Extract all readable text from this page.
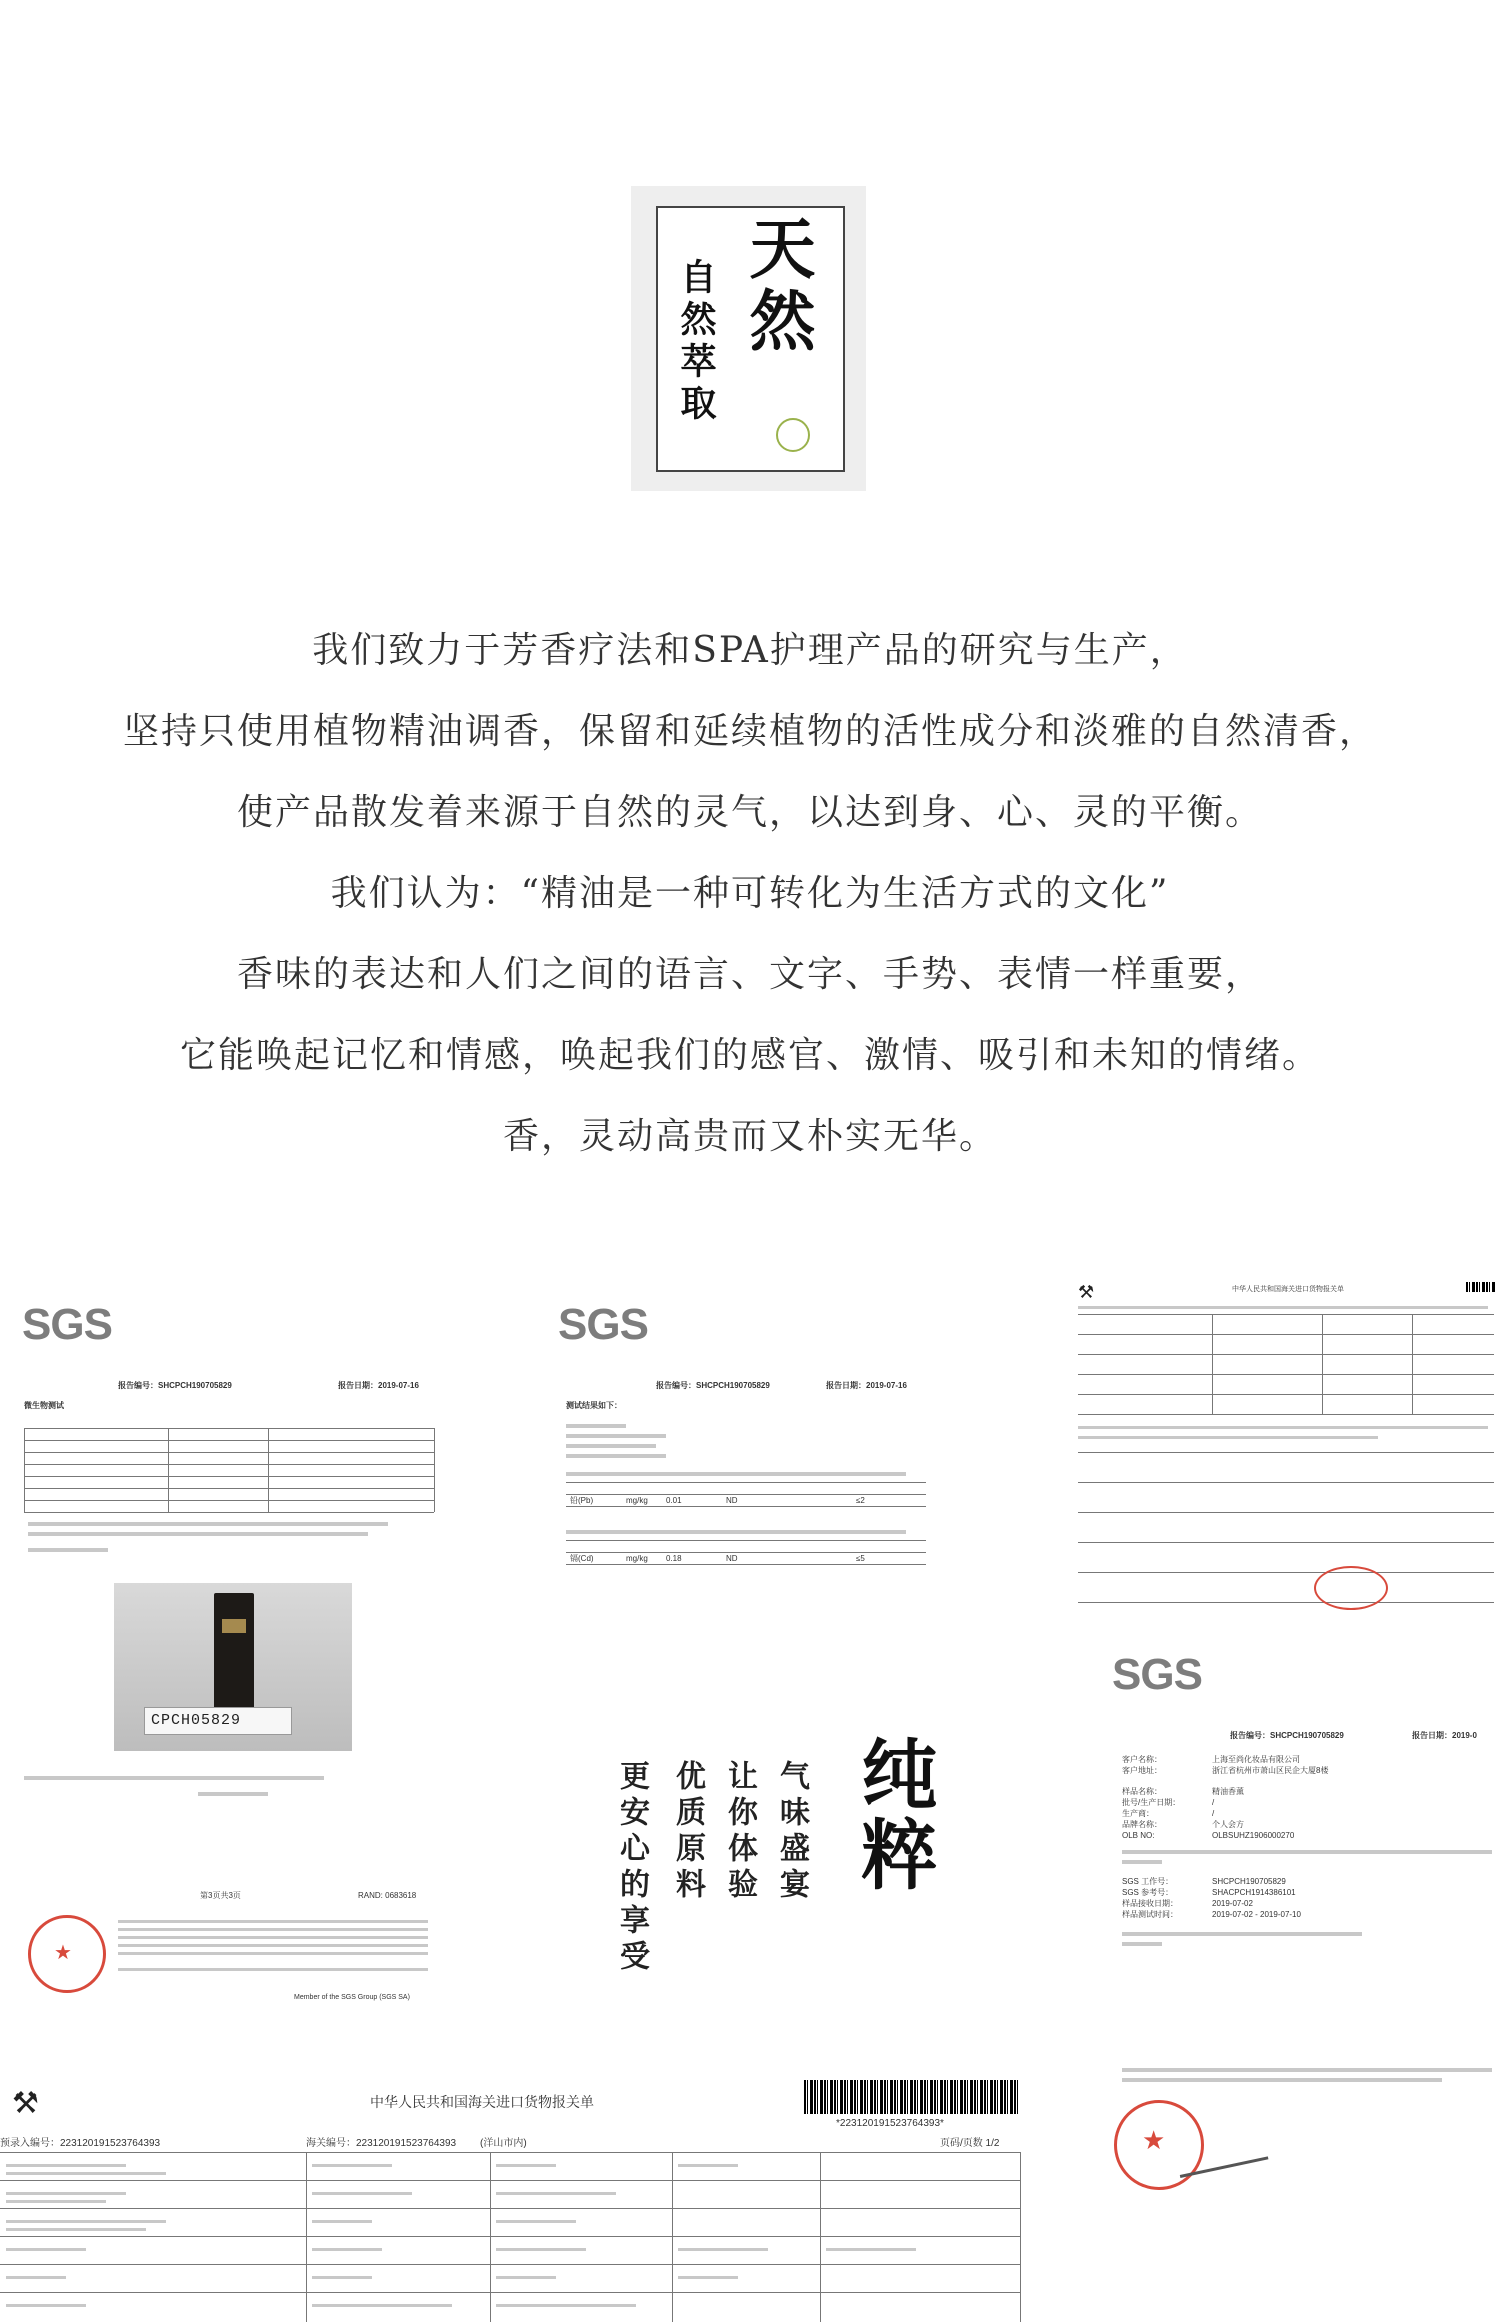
天然
自然萃取
我们致力于芳香疗法和SPA护理产品的研究与生产，
坚持只使用植物精油调香，保留和延续植物的活性成分和淡雅的自然清香，
使产品散发着来源于自然的灵气，以达到身、心、灵的平衡。
我们认为：“精油是一种可转化为生活方式的文化”
香味的表达和人们之间的语言、文字、手势、表情一样重要，
它能唤起记忆和情感，唤起我们的感官、激情、吸引和未知的情绪。
香，灵动高贵而又朴实无华。
SGS
报告编号：SHCPCH190705829	报告日期：2019-07-16
微生物测试
CPCH05829
第3页共3页	RAND: 0683618
★
Member of the SGS Group (SGS SA)
SGS
报告编号：SHCPCH190705829	报告日期：2019-07-16
测试结果如下：
铅(Pb)	mg/kg 0.01	ND	≤2
镉(Cd)	mg/kg 0.18	ND	≤5
⚒	中华人民共和国海关进口货物报关单
纯粹
气味盛宴
让你体验
优质原料
更安心的享受
SGS
报告编号：SHCPCH190705829	报告日期：2019-0
客户名称：	上海至尚化妆品有限公司
客户地址：	浙江省杭州市萧山区民企大厦8楼
样品名称：	精油香薰
批号/生产日期：	/
生产商：	/
品牌名称：	个人会方
OLB NO:	OLBSUHZ1906000270
SGS 工作号：	SHCPCH190705829
SGS 参考号：	SHACPCH1914386101
样品接收日期：	2019-07-02
样品测试时间：	2019-07-02 - 2019-07-10
★
⚒	中华人民共和国海关进口货物报关单
*223120191523764393*
预录入编号：223120191523764393	海关编号：223120191523764393 (洋山市内)	页码/页数 1/2
